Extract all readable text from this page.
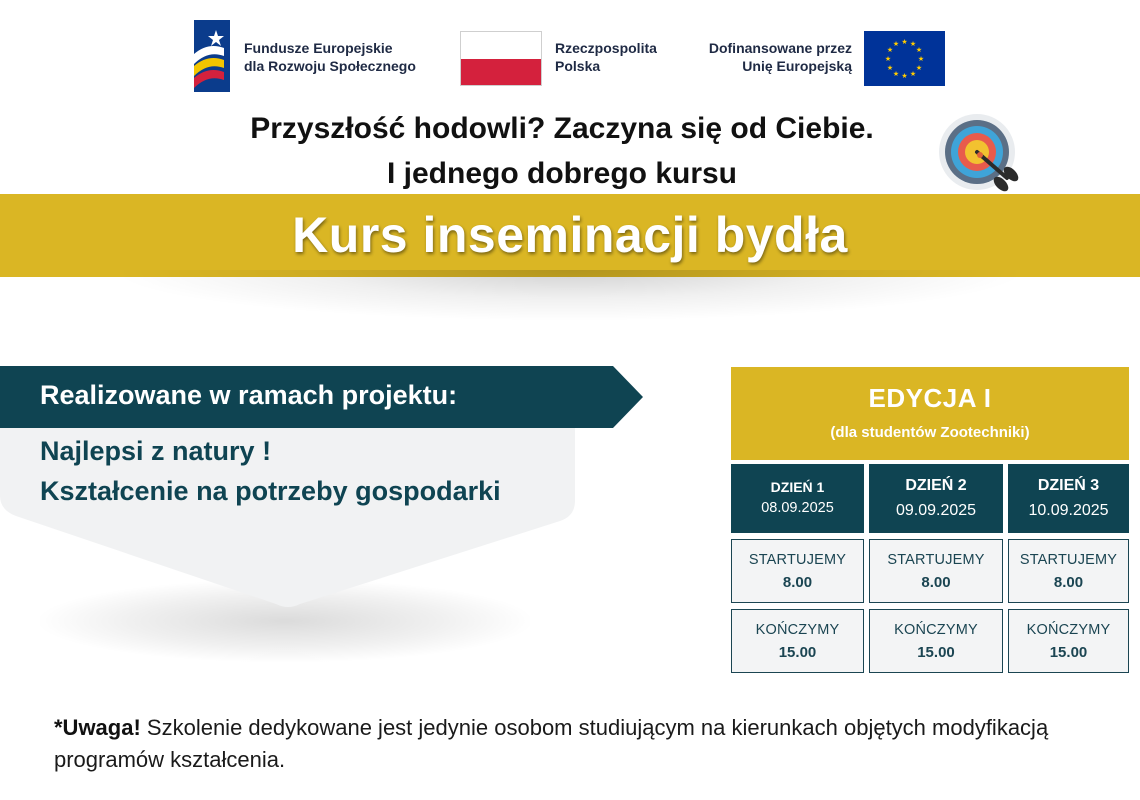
Fundusze Europejskie
dla Rozwoju Społecznego
Rzeczpospolita
Polska
Dofinansowane przez
Unię Europejską
★ ★
★
★
★
★
★
★
★
★
★
★
Przyszłość hodowli? Zaczyna się od Ciebie.
I jednego dobrego kursu
Kurs inseminacji bydła
Realizowane w ramach projektu:
Najlepsi z natury !
Kształcenie na potrzeby gospodarki
EDYCJA I
(dla studentów Zootechniki)
DZIEŃ 1
08.09.2025
DZIEŃ 2
09.09.2025
DZIEŃ 3
10.09.2025
STARTUJEMY
8.00
STARTUJEMY
8.00
STARTUJEMY
8.00
KOŃCZYMY
15.00
KOŃCZYMY
15.00
KOŃCZYMY
15.00
*Uwaga! Szkolenie dedykowane jest jedynie osobom studiującym na kierunkach objętych modyfikacją programów kształcenia.
